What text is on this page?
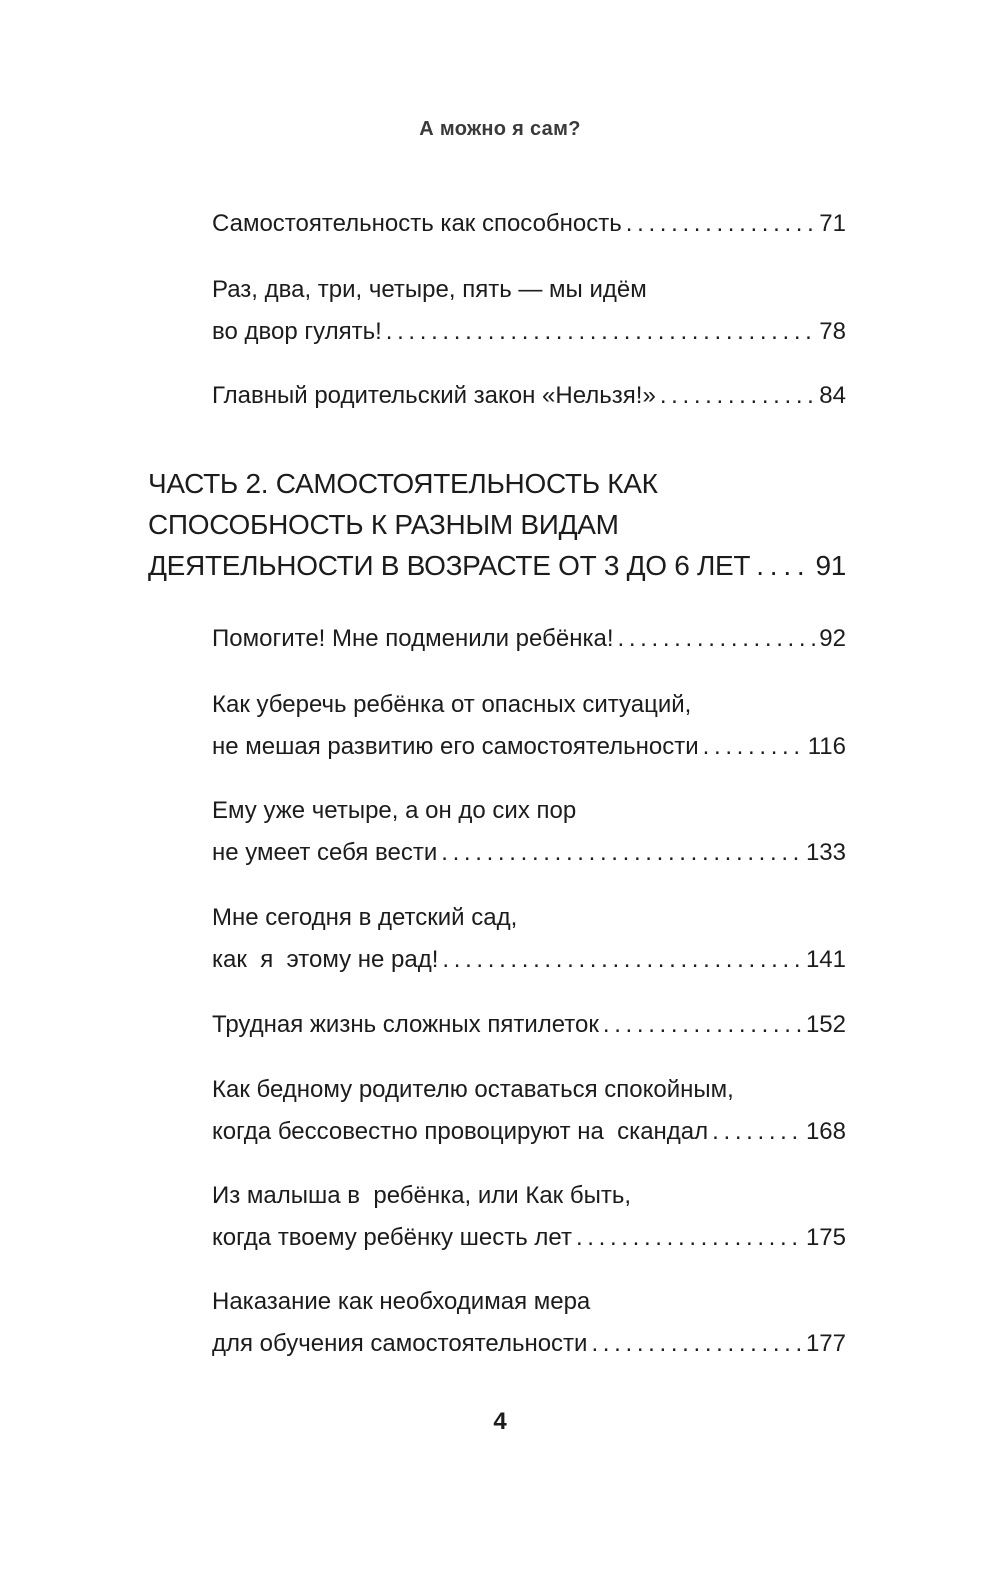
А можно я сам?
Самостоятельность как способность . . .	71
Раз, два, три, четыре, пять — мы идём
во двор гулять! . . .	78
Главный родительский закон «Нельзя!» . . .	84
ЧАСТЬ 2. САМОСТОЯТЕЛЬНОСТЬ КАК
СПОСОБНОСТЬ К РАЗНЫМ ВИДАМ
ДЕЯТЕЛЬНОСТИ В ВОЗРАСТЕ ОТ 3 ДО 6 ЛЕТ . . . 91
Помогите! Мне подменили ребёнка! . . .	92
Как уберечь ребёнка от опасных ситуаций,
не мешая развитию его самостоятельности . . .	116
Ему уже четыре, а он до сих пор
не умеет себя вести . . .	133
Мне сегодня в детский сад,
как  я  этому не рад! . . .	141
Трудная жизнь сложных пятилеток . . .	152
Как бедному родителю оставаться спокойным,
когда бессовестно провоцируют на  скандал . . .	168
Из малыша в  ребёнка, или Как быть,
когда твоему ребёнку шесть лет . . .	175
Наказание как необходимая мера
для обучения самостоятельности . . .	177
4
